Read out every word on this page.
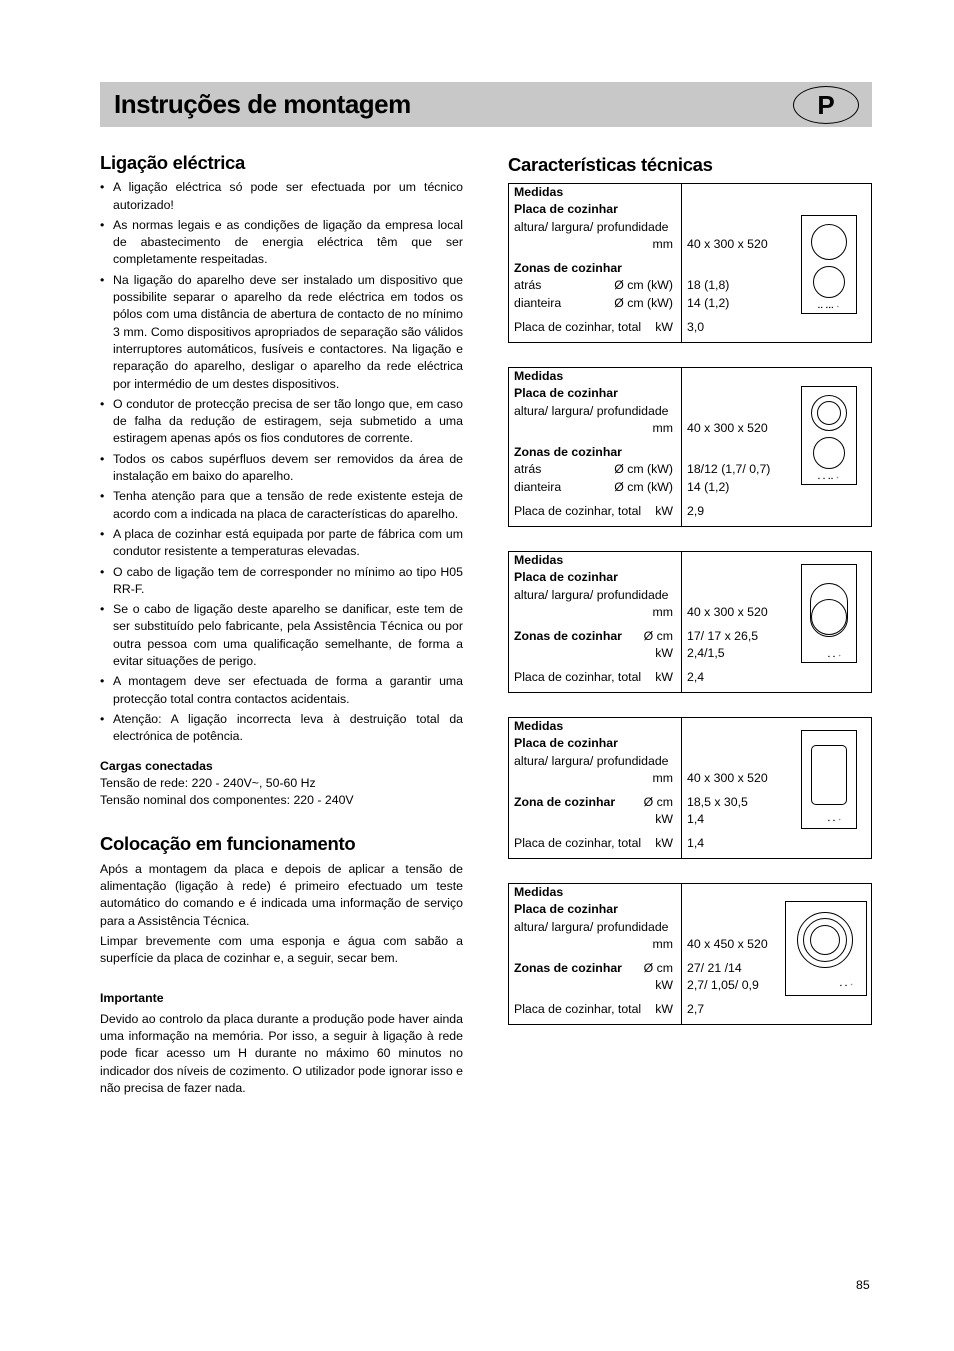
Instruções de montagem	P
Ligação eléctrica
• A ligação eléctrica só pode ser efectuada por um técnico autorizado!
• As normas legais e as condições de ligação da empresa local de abastecimento de energia eléctrica têm que ser completamente respeitadas.
• Na ligação do aparelho deve ser instalado um dispositivo que possibilite separar o aparelho da rede eléctrica em todos os pólos com uma distância de abertura de contacto de no mínimo 3 mm. Como dispositivos apropriados de separação são válidos interruptores automáticos, fusíveis e contactores. Na ligação e reparação do aparelho, desligar o aparelho da rede eléctrica por intermédio de um destes dispositivos.
• O condutor de protecção precisa de ser tão longo que, em caso de falha da redução de estiragem, seja submetido a uma estiragem apenas após os fios condutores de corrente.
• Todos os cabos supérfluos devem ser removidos da área de instalação em baixo do aparelho.
• Tenha atenção para que a tensão de rede existente esteja de acordo com a indicada na placa de características do aparelho.
• A placa de cozinhar está equipada por parte de fábrica com um condutor resistente a temperaturas elevadas.
• O cabo de ligação tem de corresponder no mínimo ao tipo H05 RR-F.
• Se o cabo de ligação deste aparelho se danificar, este tem de ser substituído pelo fabricante, pela Assistência Técnica ou por outra pessoa com uma qualificação semelhante, de forma a evitar situações de perigo.
• A montagem deve ser efectuada de forma a garantir uma protecção total contra contactos acidentais.
• Atenção: A ligação incorrecta leva à destruição total da electrónica de potência.
Cargas conectadas
Tensão de rede: 220 - 240V~, 50-60 Hz
Tensão nominal dos componentes: 220 - 240V
Colocação em funcionamento

Após a montagem da placa e depois de aplicar a tensão de alimentação (ligação à rede) é primeiro efectuado um teste automático do comando e é indicada uma informação de serviço para a Assistência Técnica.

Limpar brevemente com uma esponja e água com sabão a superfície da placa de cozinhar e, a seguir, secar bem.

Importante

Devido ao controlo da placa durante a produção pode haver ainda uma informação na memória. Por isso, a seguir à ligação à rede pode ficar acesso um H durante no máximo 60 minutos no indicador dos níveis de cozimento. O utilizador pode ignorar isso e não precisa de fazer nada.

Características técnicas
Medidas
Placa de cozinhar
altura/ largura/ profundidade
mm 40 x 300 x 520
Zonas de cozinhar
atrás	Ø cm (kW) 18 (1,8)
dianteira	Ø cm (kW) 14 (1,2)
Placa de cozinhar, total kW 3,0
▪▪ ▪▪▪ ⁺
Medidas
Placa de cozinhar
altura/ largura/ profundidade
mm 40 x 300 x 520
Zonas de cozinhar
atrás	Ø cm (kW) 18/12 (1,7/ 0,7)
dianteira	Ø cm (kW) 14 (1,2)
Placa de cozinhar, total kW 2,9
▪ ▪ ▪▪ ⁺
Medidas
Placa de cozinhar
altura/ largura/ profundidade
mm 40 x 300 x 520
Zonas de cozinhar Ø cm 17/ 17 x 26,5
kW 2,4/1,5
Placa de cozinhar, total kW 2,4
▪ ▪ ⁺
Medidas
Placa de cozinhar
altura/ largura/ profundidade
mm 40 x 300 x 520
Zona de cozinhar Ø cm 18,5 x 30,5
kW 1,4
Placa de cozinhar, total kW 1,4
▪ ▪ ⁺
Medidas
Placa de cozinhar
altura/ largura/ profundidade
mm 40 x 450 x 520
Zonas de cozinhar Ø cm 27/ 21 /14
kW 2,7/ 1,05/ 0,9
Placa de cozinhar, total kW 2,7
▪ ▪ ⁺
85
